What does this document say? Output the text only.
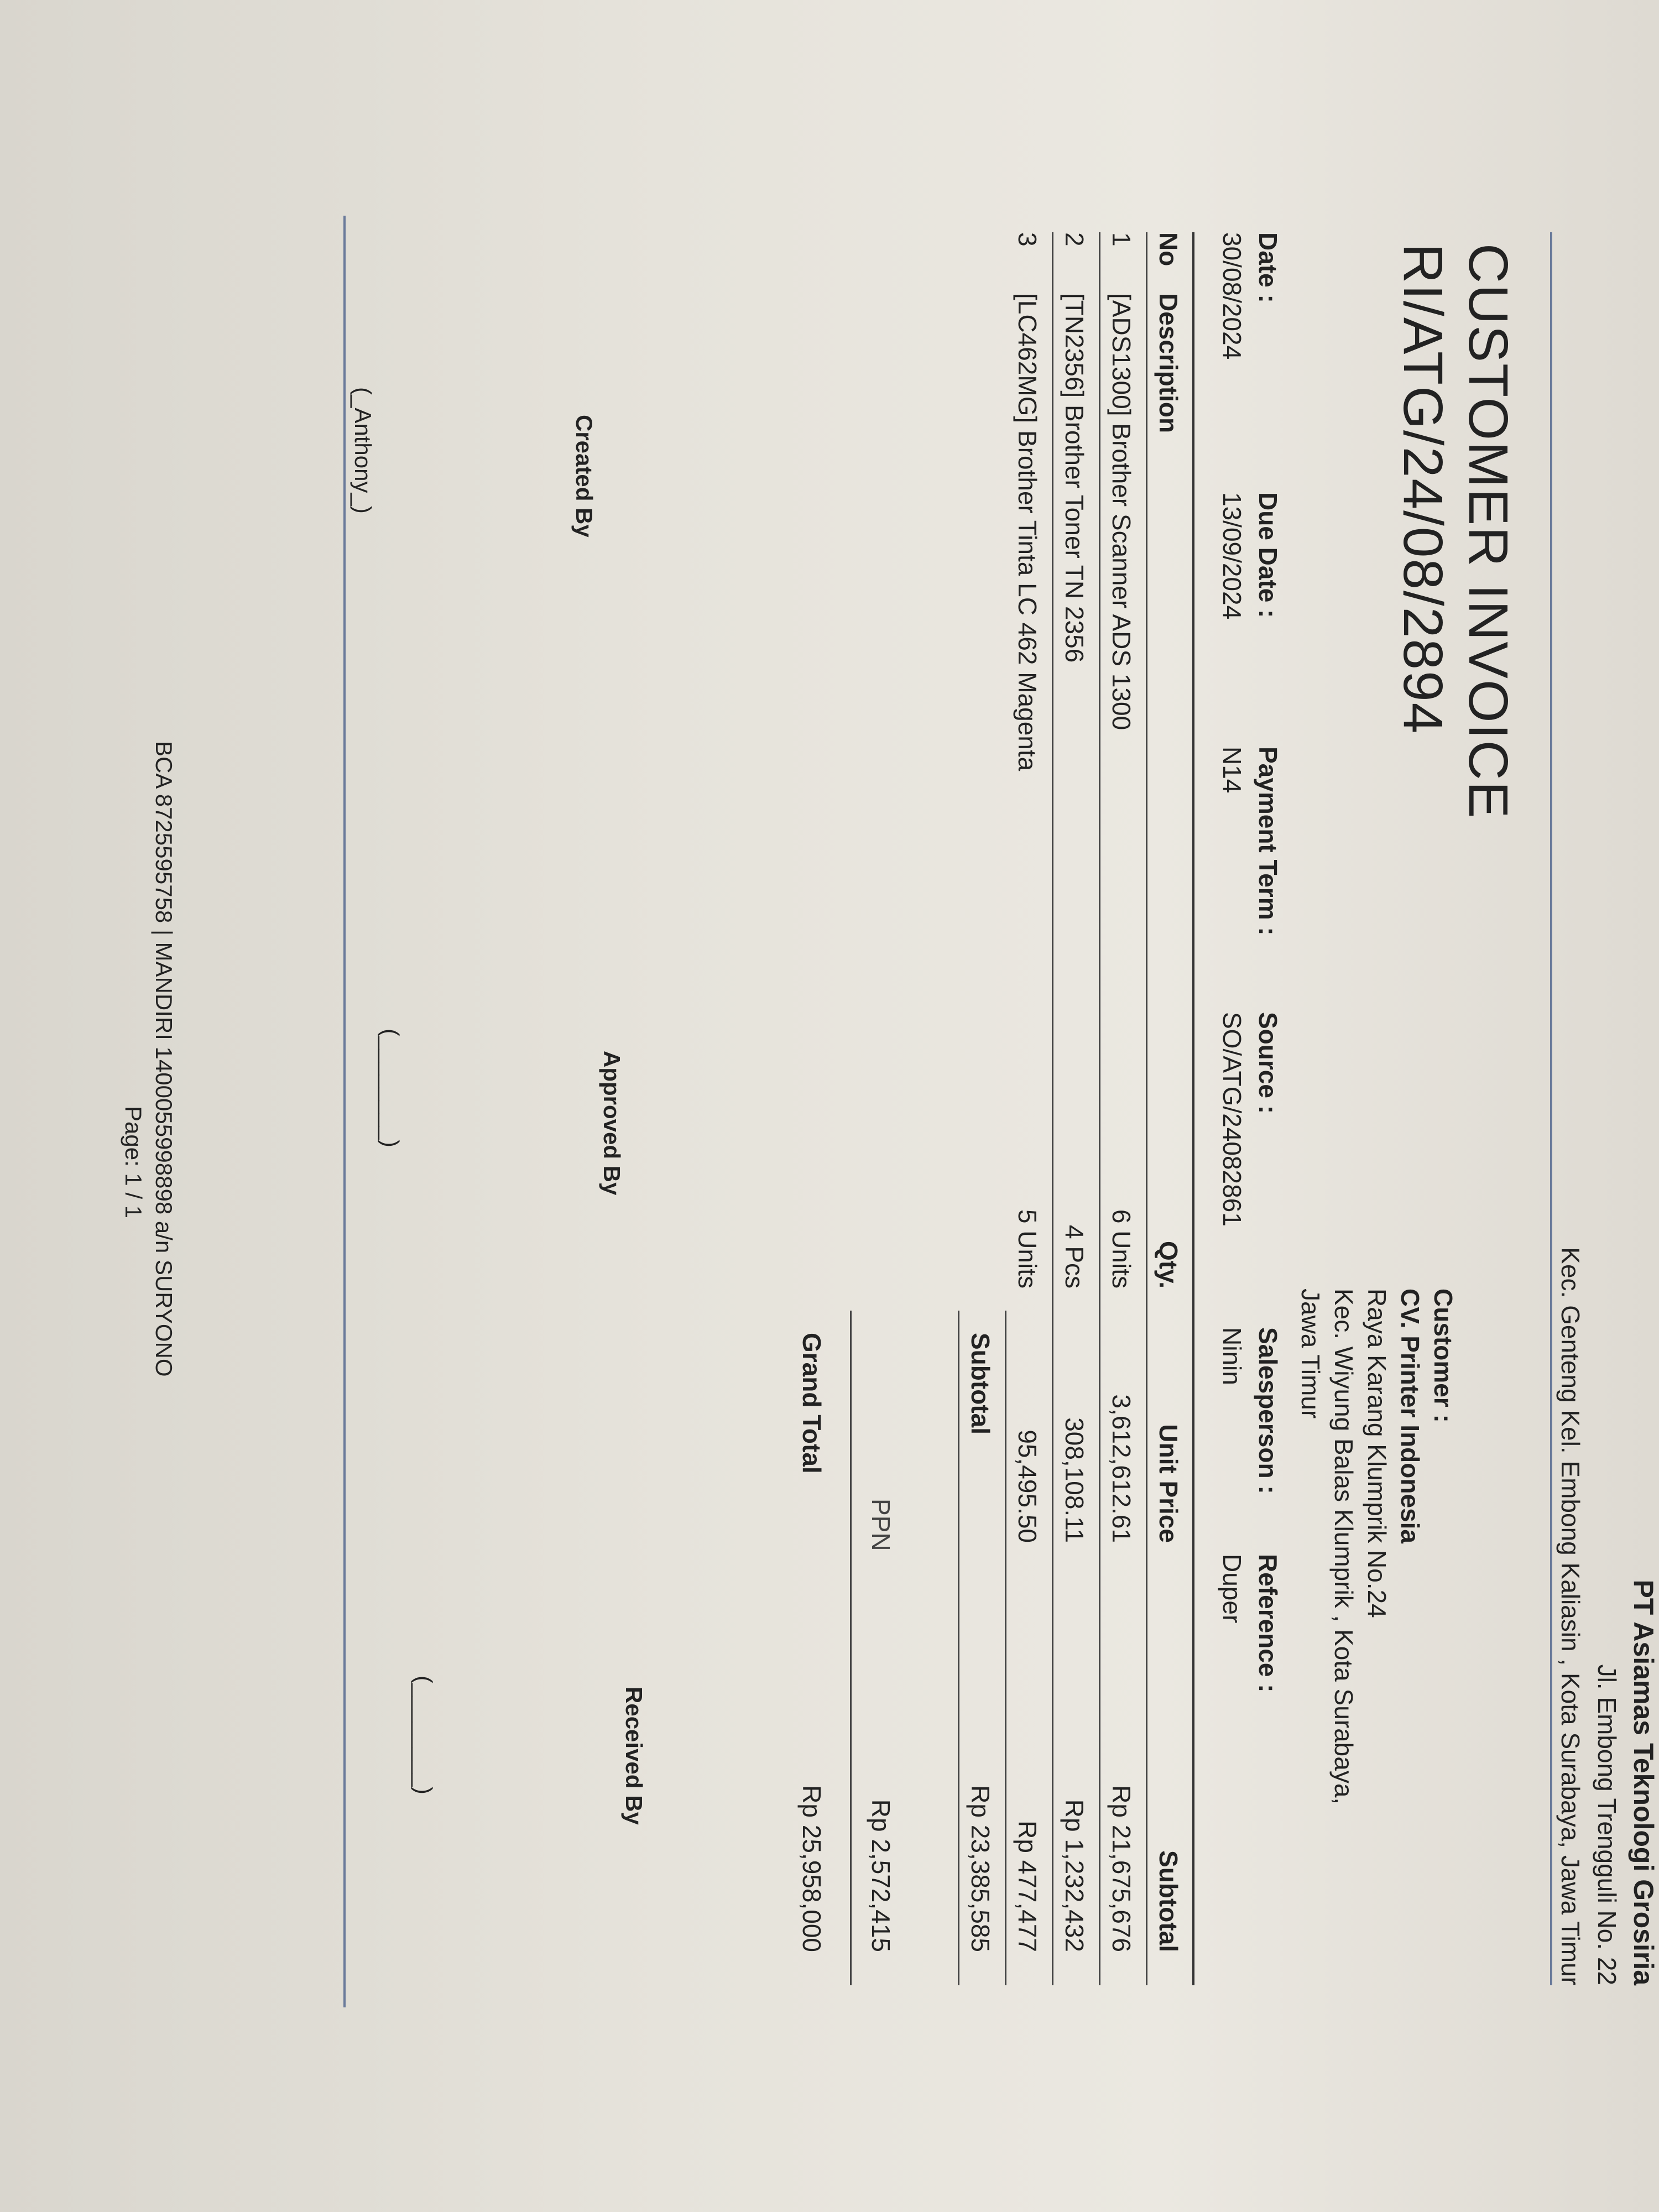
PT Asiamas Teknologi Grosiria
Jl. Embong Trengguli No. 22
Kec. Genteng Kel. Embong Kaliasin , Kota Surabaya, Jawa Timur
CUSTOMER INVOICE
RI/ATG/24/08/2894
Customer :
CV. Printer Indonesia
Raya Karang Klumprik No.24
Kec. Wiyung Balas Klumprik , Kota Surabaya,
Jawa Timur
Date :
30/08/2024
Due Date :
13/09/2024
Payment Term :
N14
Source :
SO/ATG/24082861
Salesperson :
Ninin
Reference :
Duper
No
Description
Qty.
Unit Price
Subtotal
1
[ADS1300] Brother Scanner ADS 1300
6 Units
3,612,612.61
Rp 21,675,676
2
[TN2356] Brother Toner TN 2356
4 Pcs
308,108.11
Rp 1,232,432
3
[LC462MG] Brother Tinta LC 462 Magenta
5 Units
95,495.50
Rp 477,477
Subtotal
Rp 23,385,585
PPN
Rp 2,572,415
Grand Total
Rp 25,958,000
Created By
Approved By
Received By
(_Anthony_)
(________)
(________)
BCA 8725595758 | MANDIRI 1400055998898 a/n SURYONO
Page: 1 / 1
